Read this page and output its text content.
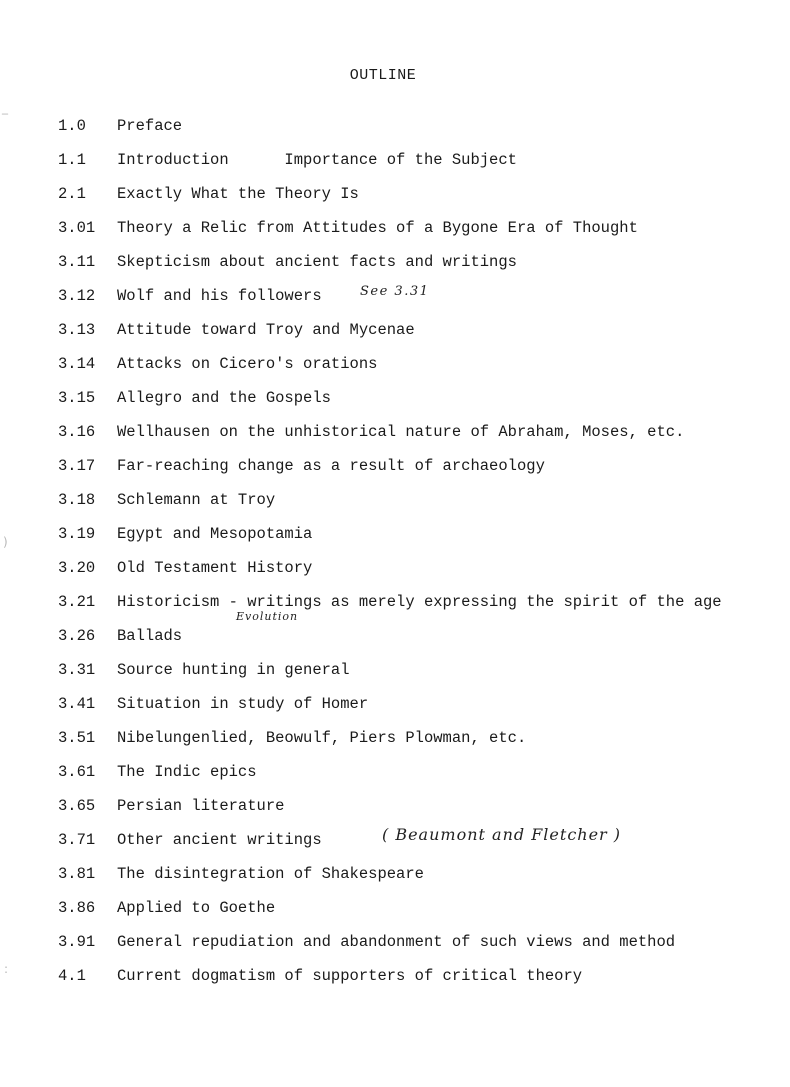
OUTLINE
1.0 Preface
1.1 Introduction      Importance of the Subject
2.1 Exactly What the Theory Is
3.01 Theory a Relic from Attitudes of a Bygone Era of Thought
3.11 Skepticism about ancient facts and writings
3.12 Wolf and his followers	See 3.31
3.13 Attitude toward Troy and Mycenae
3.14 Attacks on Cicero's orations
3.15 Allegro and the Gospels
3.16 Wellhausen on the unhistorical nature of Abraham, Moses, etc.
3.17 Far-reaching change as a result of archaeology
3.18 Schlemann at Troy
3.19 Egypt and Mesopotamia
3.20 Old Testament History
3.21 Historicism - writings as merely expressing the spirit of the age
Evolution
3.26 Ballads
3.31 Source hunting in general
3.41 Situation in study of Homer
3.51 Nibelungenlied, Beowulf, Piers Plowman, etc.
3.61 The Indic epics
3.65 Persian literature
3.71 Other ancient writings	( Beaumont and Fletcher )
3.81 The disintegration of Shakespeare
3.86 Applied to Goethe
3.91 General repudiation and abandonment of such views and method
4.1 Current dogmatism of supporters of critical theory
‾
)
:
